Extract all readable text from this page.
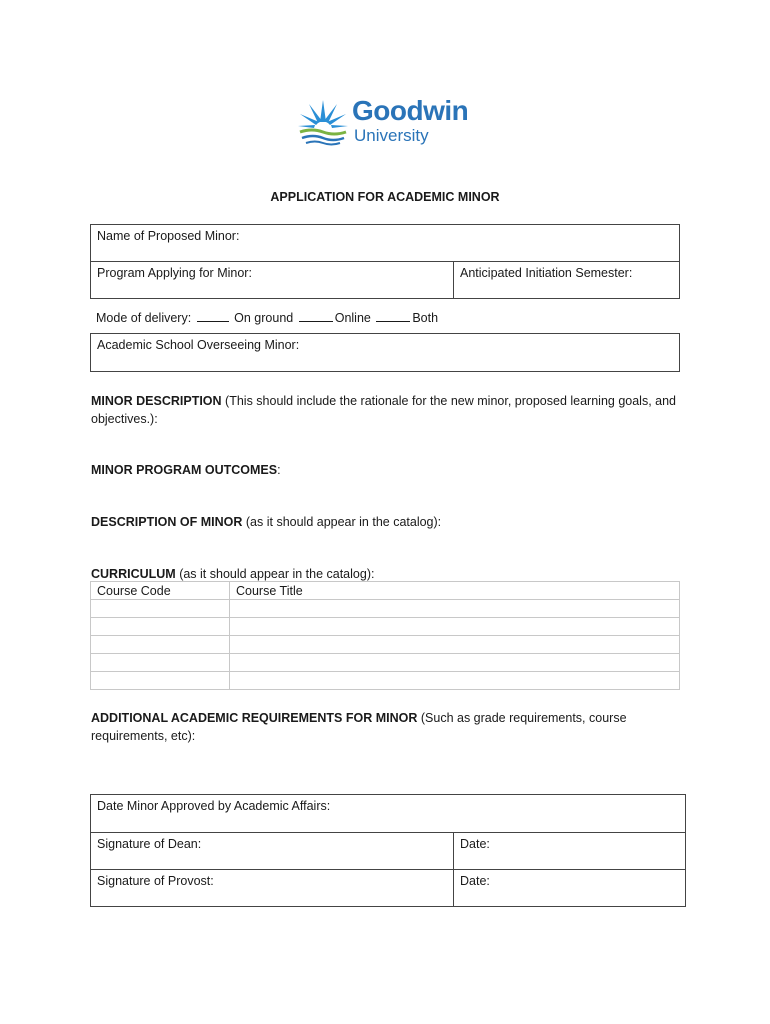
Goodwin
University
APPLICATION FOR ACADEMIC MINOR
Name of Proposed Minor:
Program Applying for Minor:	Anticipated Initiation Semester:
Mode of delivery:	On ground	Online	Both
Academic School Overseeing Minor:
MINOR DESCRIPTION (This should include the rationale for the new minor, proposed learning goals, and objectives.):
MINOR PROGRAM OUTCOMES:
DESCRIPTION OF MINOR (as it should appear in the catalog):
CURRICULUM (as it should appear in the catalog):
Course Code	Course Title

ADDITIONAL ACADEMIC REQUIREMENTS FOR MINOR (Such as grade requirements, course requirements, etc):
Date Minor Approved by Academic Affairs:
Signature of Dean:	Date:
Signature of Provost:	Date:
